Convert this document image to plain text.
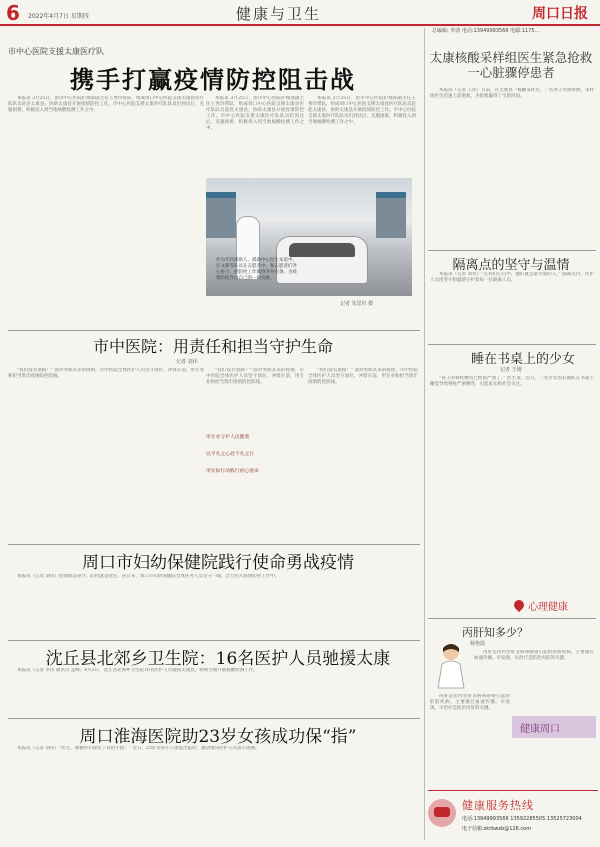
6 2022年4月7日 星期四	健康与卫生	周口日报
总编辑: 李清 电话:13949993566 电邮:1175...
市中心医院支援太康医疗队
携手打赢疫情防控阻击战

本报讯 3月25日，由市中心医院护理部副主任王秀玲带队，组成周口中心医院支援太康县医疗队队员赶赴太康县，协助太康县开展疫情防控工作。市中心医院支援太康医疗队队员们到达后，克服困难，积极投入到当地核酸检测工作之中。

本报讯 3月25日，由市中心医院护理部副主任王秀玲带队，组成周口中心医院支援太康县医疗队队员赶赴太康县，协助太康县开展疫情防控工作。市中心医院支援太康医疗队队员们到达后，克服困难，积极投入到当地核酸检测工作之中。

本报讯 3月25日，由市中心医院护理部副主任王秀玲带队，组成周口中心医院支援太康县医疗队队员赶赴太康县，协助太康县开展疫情防控工作。市中心医院支援太康医疗队队员们到达后，克服困难，积极投入到当地核酸检测工作之中。

作为年轻援助人，援助中心医生朱思中、汪文静等队员在志愿者中，和志愿者们齐心协力，把防控工作做得井井有条，为疫情防控作出自己的一份贡献。
记者 朱思杉 摄
市中医院：用责任和担当守护生命
记者 刘伟

"我们没有退路！" 面对突如其来的疫情，市中医院全体医护人员坚守岗位、冲锋在前，用专业和担当筑牢疫情防控防线。

"我们没有退路！" 面对突如其来的疫情，市中医院全体医护人员坚守岗位、冲锋在前，用专业和担当筑牢疫情防控防线。

"我们没有退路！" 面对突如其来的疫情，市中医院全体医护人员坚守岗位、冲锋在前，用专业和担当筑牢疫情防控防线。

用专业守护人民健康
以平凡之心赴不凡之行
用实际行动践行初心使命
周口市妇幼保健院践行使命勇战疫情

本报讯（记者 刘伟）疫情就是命令，防控就是责任。连日来，周口市妇幼保健院全体医务人员坚守一线，全力投入疫情防控工作中。

沈丘县北郊乡卫生院：16名医护人员驰援太康

本报讯（记者 李伟 通讯员 孟峰）4月2日，沈丘县北郊乡卫生院16名医护人员驰援太康县，协助当地开展核酸检测工作。

周口淮海医院助23岁女孩成功保“指”

本报讯（记者 刘伟）“医生，谢谢你们保住了我的手指！” 近日，23岁女孩小王康复出院时，激动地向医护人员表示感谢。

太康核酸采样组医生紧急抢救一心脏骤停患者

本报讯（记者 王伟）日前，在太康县一核酸采样点，一名男子突然晕倒，采样组医生迅速上前施救，为抢救赢得了宝贵时间。

隔离点的坚守与温情

本报讯（记者 刘伟）“在我们心目中，他们就是最可爱的人。” 隔离点内，医护人员用坚守和温情守护着每一位隔离人员。

睡在书桌上的少女
记者 王刚

“孩子的脊柱侧弯已经很严重了。” 医生说。近日，一名少女因长期趴在书桌上睡觉导致脊柱严重侧弯，引起家长和社会关注。

心理健康
丙肝知多少？
杨艳霞

丙肝是由丙型肝炎病毒感染引起的肝脏疾病，主要通过血液传播。早发现、早治疗是防治丙肝的关键。

丙肝是由丙型肝炎病毒感染引起的肝脏疾病，主要通过血液传播。早发现、早治疗是防治丙肝的关键。

健康周口
健康服务热线
电话:13949993566 13592285505 13525723004
电子信箱:zkrbwsb@126.com
